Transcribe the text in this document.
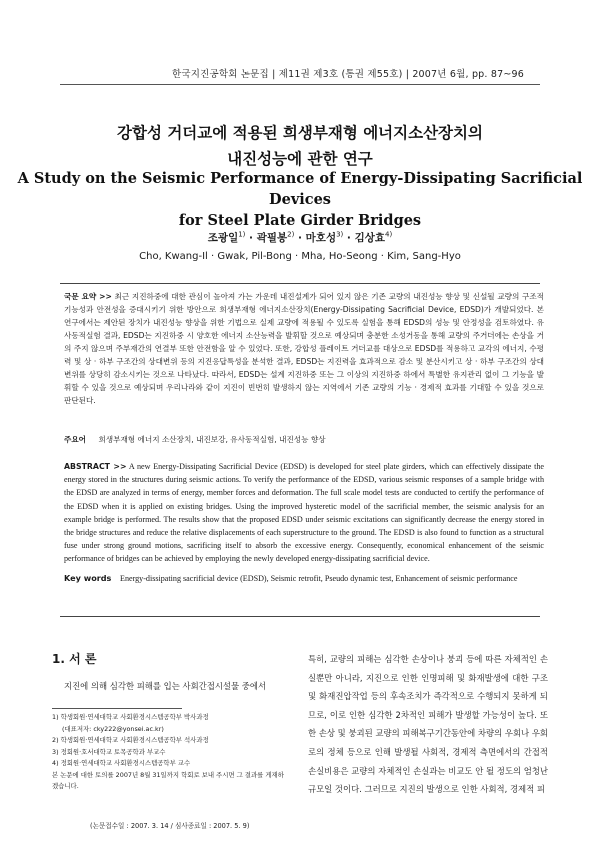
한국지진공학회 논문집 | 제11권 제3호 (통권 제55호) | 2007년 6월, pp. 87~96
강합성 거더교에 적용된 희생부재형 에너지소산장치의
내진성능에 관한 연구
A Study on the Seismic Performance of Energy-Dissipating Sacrificial Devices
for Steel Plate Girder Bridges
조광일$^{1)}$ · 곽필봉$^{2)}$ · 마호성$^{3)}$ · 김상효$^{4)}$
Cho, Kwang-Il · Gwak, Pil-Bong · Mha, Ho-Seong · Kim, Sang-Hyo
국문 요약 >> 최근 지진하중에 대한 관심이 높아져 가는 가운데 내진설계가 되어 있지 않은 기존 교량의 내진성능 향상 및 신설될 교량의 구조적 기능성과 안전성을 증대시키기 위한 방안으로 희생부재형 에너지소산장치(Energy-Dissipating Sacrificial Device, EDSD)가 개발되었다. 본 연구에서는 제안된 장치가 내진성능 향상을 위한 기법으로 실제 교량에 적용될 수 있도록 실험을 통해 EDSD의 성능 및 안정성을 검토하였다. 유사동적실험 결과, EDSD는 지진하중 시 양호한 에너지 소산능력을 발휘할 것으로 예상되며 충분한 소성거동을 통해 교량의 주거더에는 손상을 거의 주지 않으며 주부재간의 연결부 또한 안전함을 알 수 있었다. 또한, 강합성 플레이트 거더교를 대상으로 EDSD를 적용하고 교각의 에너지, 수평력 및 상 · 하부 구조간의 상대변위 등의 지진응답특성을 분석한 결과, EDSD는 지진력을 효과적으로 감소 및 분산시키고 상 · 하부 구조간의 상대변위를 상당히 감소시키는 것으로 나타났다. 따라서, EDSD는 설계 지진하중 또는 그 이상의 지진하중 하에서 특별한 유지관리 없이 그 기능을 발휘할 수 있을 것으로 예상되며 우리나라와 같이 지진이 빈번히 발생하지 않는 지역에서 기존 교량의 기능 · 경제적 효과를 기대할 수 있을 것으로 판단된다.
주요어 희생부재형 에너지 소산장치, 내진보강, 유사동적실험, 내진성능 향상
ABSTRACT >> A new Energy-Dissipating Sacrificial Device (EDSD) is developed for steel plate girders, which can effectively dissipate the energy stored in the structures during seismic actions. To verify the performance of the EDSD, various seismic responses of a sample bridge with the EDSD are analyzed in terms of energy, member forces and deformation. The full scale model tests are conducted to certify the performance of the EDSD when it is applied on existing bridges. Using the improved hysteretic model of the sacrificial member, the seismic analysis for an example bridge is performed. The results show that the proposed EDSD under seismic excitations can significantly decrease the energy stored in the bridge structures and reduce the relative displacements of each superstructure to the ground. The EDSD is also found to function as a structural fuse under strong ground motions, sacrificing itself to absorb the excessive energy. Consequently, economical enhancement of the seismic performance of bridges can be achieved by employing the newly developed energy-dissipating sacrificial device.
Key words	Energy-dissipating sacrificial device (EDSD), Seismic retrofit, Pseudo dynamic test, Enhancement of seismic performance
1. 서 론
지진에 의해 심각한 피해를 입는 사회간접시설물 중에서
1) 학생회원·연세대학교 사회환경시스템공학부 박사과정
(대표저자: cky222@yonsei.ac.kr)
2) 학생회원·연세대학교 사회환경시스템공학부 석사과정
3) 정회원·호서대학교 토목공학과 부교수
4) 정회원·연세대학교 사회환경시스템공학부 교수
본 논문에 대한 토의를 2007년 8월 31일까지 학회로 보내 주시면 그 결과를 게재하겠습니다.
(논문접수일 : 2007. 3. 14 / 심사종료일 : 2007. 5. 9)
특히, 교량의 피해는 심각한 손상이나 붕괴 등에 따른 자체적인 손실뿐만 아니라, 지진으로 인한 인명피해 및 화재발생에 대한 구조 및 화재진압작업 등의 후속조치가 즉각적으로 수행되지 못하게 되므로, 이로 인한 심각한 2차적인 피해가 발생할 가능성이 높다. 또한 손상 및 붕괴된 교량의 피해복구기간동안에 차량의 우회나 우회로의 정체 등으로 인해 발생될 사회적, 경제적 측면에서의 간접적 손실비용은 교량의 자체적인 손실과는 비교도 안 될 정도의 엄청난 규모일 것이다. 그러므로 지진의 발생으로 인한 사회적, 경제적 피
